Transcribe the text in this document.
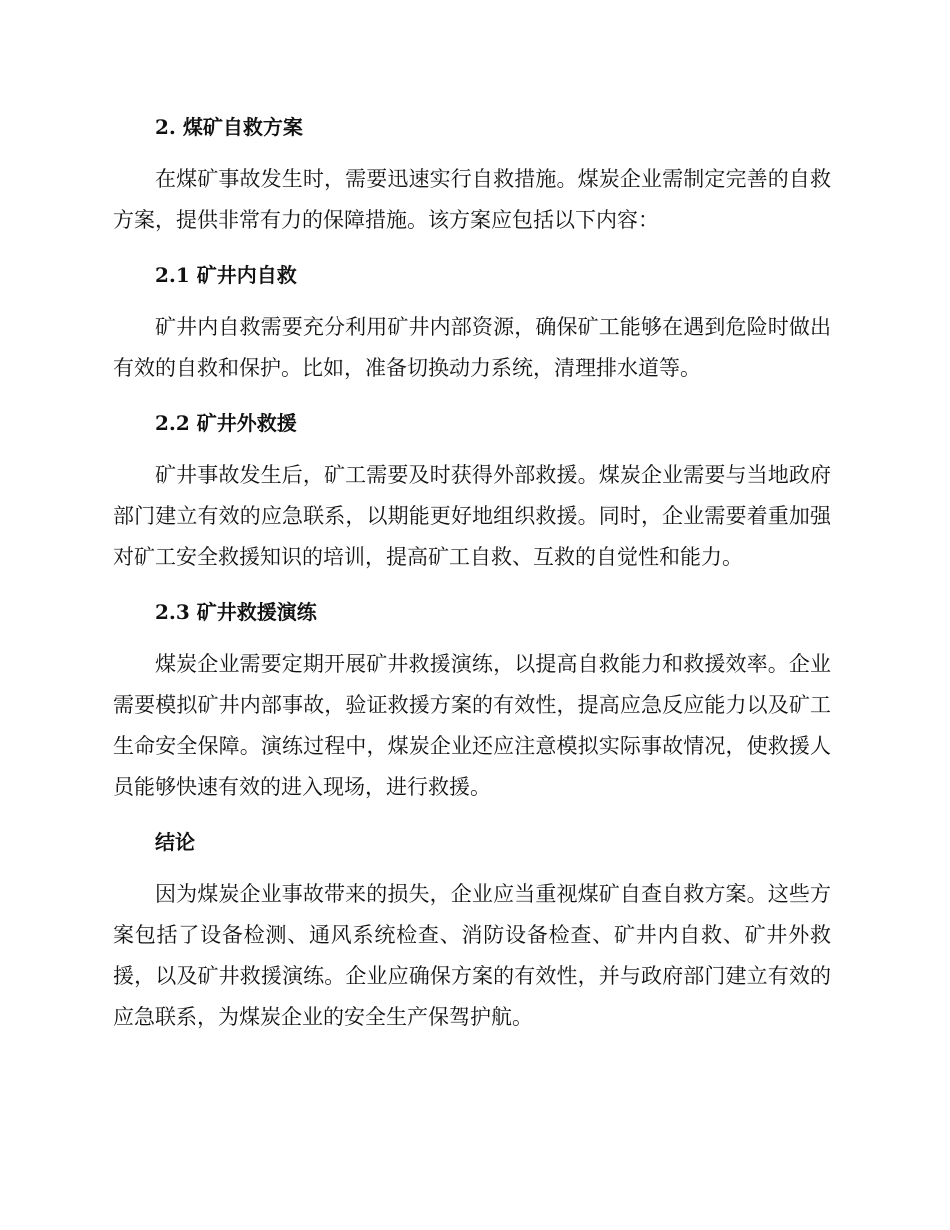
2. 煤矿自救方案

在煤矿事故发生时，需要迅速实行自救措施。煤炭企业需制定完善的自救方案，提供非常有力的保障措施。该方案应包括以下内容：

2.1 矿井内自救

矿井内自救需要充分利用矿井内部资源，确保矿工能够在遇到危险时做出有效的自救和保护。比如，准备切换动力系统，清理排水道等。

2.2 矿井外救援

矿井事故发生后，矿工需要及时获得外部救援。煤炭企业需要与当地政府部门建立有效的应急联系，以期能更好地组织救援。同时，企业需要着重加强对矿工安全救援知识的培训，提高矿工自救、互救的自觉性和能力。

2.3 矿井救援演练

煤炭企业需要定期开展矿井救援演练，以提高自救能力和救援效率。企业需要模拟矿井内部事故，验证救援方案的有效性，提高应急反应能力以及矿工生命安全保障。演练过程中，煤炭企业还应注意模拟实际事故情况，使救援人员能够快速有效的进入现场，进行救援。

结论

因为煤炭企业事故带来的损失，企业应当重视煤矿自查自救方案。这些方案包括了设备检测、通风系统检查、消防设备检查、矿井内自救、矿井外救援，以及矿井救援演练。企业应确保方案的有效性，并与政府部门建立有效的应急联系，为煤炭企业的安全生产保驾护航。
